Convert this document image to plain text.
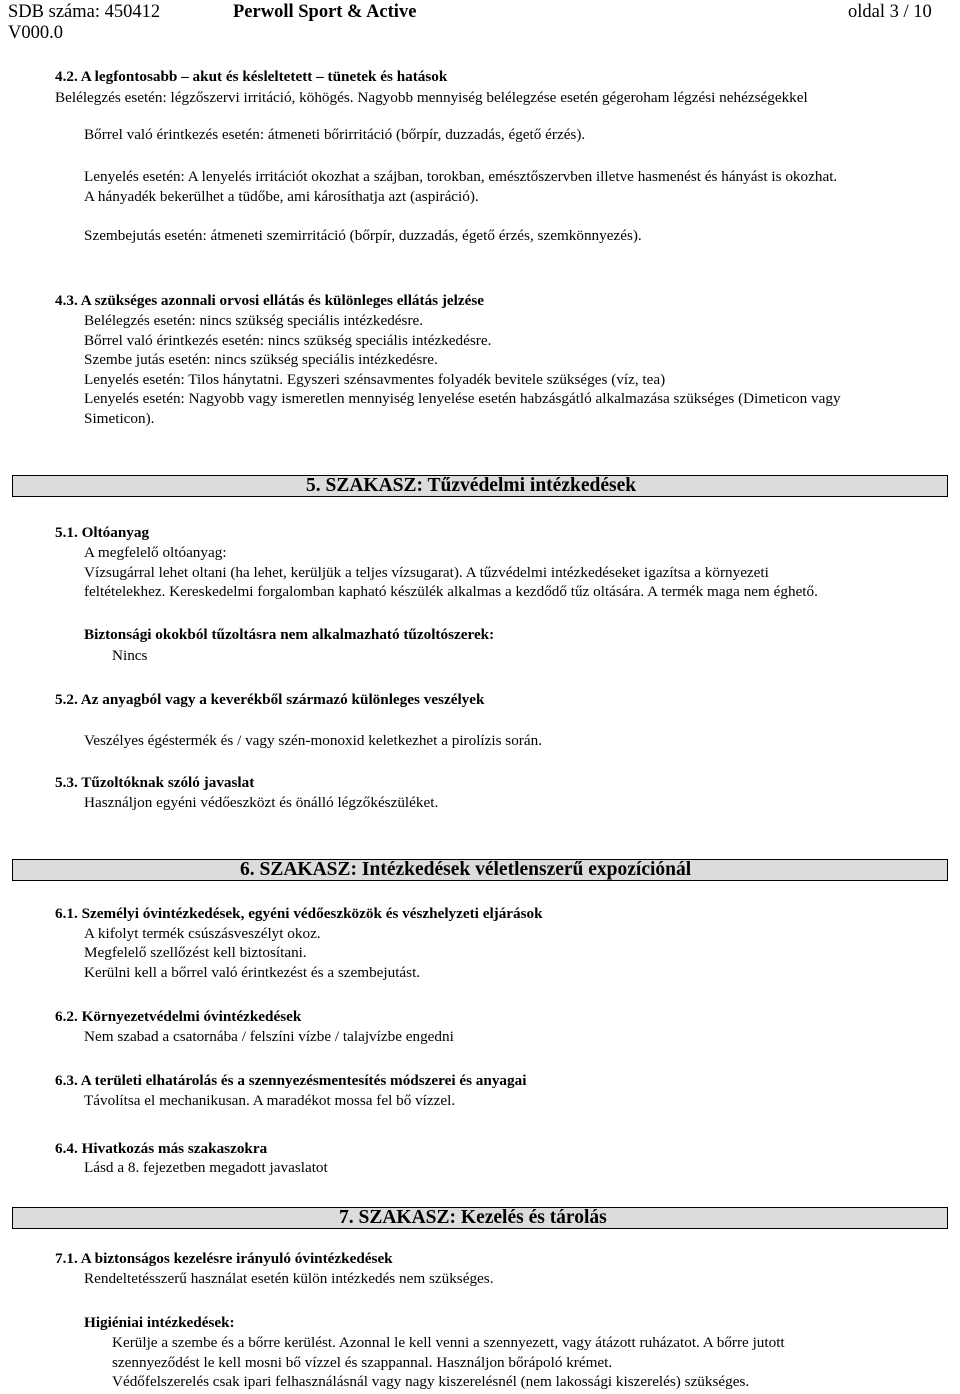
SDB száma: 450412
V000.0
Perwoll Sport & Active	oldal 3 / 10
4.2. A legfontosabb – akut és késleltetett – tünetek és hatások
Belélegzés esetén: légzőszervi irritáció, köhögés. Nagyobb mennyiség belélegzése esetén gégeroham légzési nehézségekkel
Bőrrel való érintkezés esetén: átmeneti bőrirritáció (bőrpír, duzzadás, égető érzés).
Lenyelés esetén: A lenyelés irritációt okozhat a szájban, torokban, emésztőszervben illetve hasmenést és hányást is okozhat.
A hányadék bekerülhet a tüdőbe, ami károsíthatja azt (aspiráció).
Szembejutás esetén: átmeneti szemirritáció (bőrpír, duzzadás, égető érzés, szemkönnyezés).
4.3. A szükséges azonnali orvosi ellátás és különleges ellátás jelzése
Belélegzés esetén: nincs szükség speciális intézkedésre.
Bőrrel való érintkezés esetén: nincs szükség speciális intézkedésre.
Szembe jutás esetén: nincs szükség speciális intézkedésre.
Lenyelés esetén: Tilos hánytatni. Egyszeri szénsavmentes folyadék bevitele szükséges (víz, tea)
Lenyelés esetén: Nagyobb vagy ismeretlen mennyiség lenyelése esetén habzásgátló alkalmazása szükséges (Dimeticon vagy
Simeticon).
5. SZAKASZ: Tűzvédelmi intézkedések
5.1. Oltóanyag
A megfelelő oltóanyag:
Vízsugárral lehet oltani (ha lehet, kerüljük a teljes vízsugarat). A tűzvédelmi intézkedéseket igazítsa a környezeti
feltételekhez. Kereskedelmi forgalomban kapható készülék alkalmas a kezdődő tűz oltására. A termék maga nem éghető.
Biztonsági okokból tűzoltásra nem alkalmazható tűzoltószerek:
Nincs
5.2. Az anyagból vagy a keverékből származó különleges veszélyek
Veszélyes égéstermék és / vagy szén-monoxid keletkezhet a pirolízis során.
5.3. Tűzoltóknak szóló javaslat
Használjon egyéni védőeszközt és önálló légzőkészüléket.
6. SZAKASZ: Intézkedések véletlenszerű expozíciónál
6.1. Személyi óvintézkedések, egyéni védőeszközök és vészhelyzeti eljárások
A kifolyt termék csúszásveszélyt okoz.
Megfelelő szellőzést kell biztosítani.
Kerülni kell a bőrrel való érintkezést és a szembejutást.
6.2. Környezetvédelmi óvintézkedések
Nem szabad a csatornába / felszíni vízbe / talajvízbe engedni
6.3. A területi elhatárolás és a szennyezésmentesítés módszerei és anyagai
Távolítsa el mechanikusan. A maradékot mossa fel bő vízzel.
6.4. Hivatkozás más szakaszokra
Lásd a 8. fejezetben megadott javaslatot
7. SZAKASZ: Kezelés és tárolás
7.1. A biztonságos kezelésre irányuló óvintézkedések
Rendeltetésszerű használat esetén külön intézkedés nem szükséges.
Higiéniai intézkedések:
Kerülje a szembe és a bőrre kerülést. Azonnal le kell venni a szennyezett, vagy átázott ruházatot. A bőrre jutott
szennyeződést le kell mosni bő vízzel és szappannal. Használjon bőrápoló krémet.
Védőfelszerelés csak ipari felhasználásnál vagy nagy kiszerelésnél (nem lakossági kiszerelés) szükséges.
